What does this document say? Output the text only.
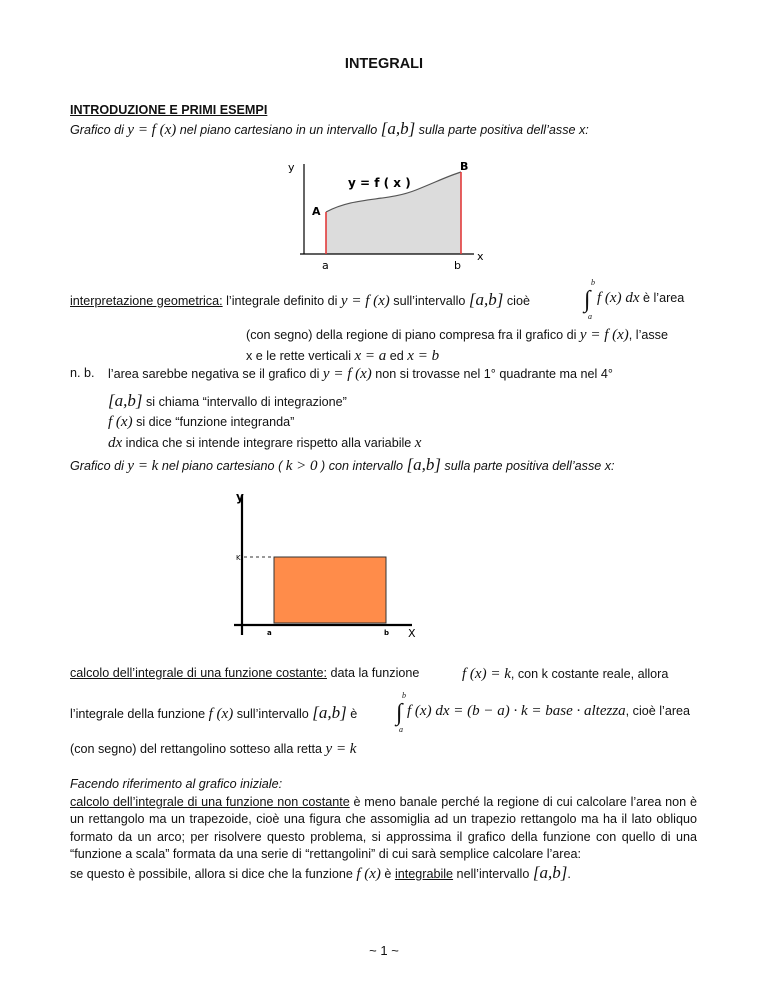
INTEGRALI
INTRODUZIONE E PRIMI ESEMPI
Grafico di y = f (x) nel piano cartesiano in un intervallo [a,b] sulla parte positiva dell’asse x:
y
x
y = f ( x )
A
B
a	b
interpretazione geometrica: l’integrale definito di y = f (x) sull’intervallo [a,b] cioè
b
∫
a
f (x) dx è l’area
(con segno) della regione di piano compresa fra il grafico di y = f (x), l’asse
x e le rette verticali x = a ed x = b
n. b. l’area sarebbe negativa se il grafico di y = f (x) non si trovasse nel 1° quadrante ma nel 4°
[a,b] si chiama “intervallo di integrazione”
f (x) si dice “funzione integranda”
dx indica che si intende integrare rispetto alla variabile x
Grafico di y = k nel piano cartesiano ( k > 0 ) con intervallo [a,b] sulla parte positiva dell’asse x:
y
X
K
a	b
calcolo dell’integrale di una funzione costante: data la funzione	f (x) = k, con k costante reale, allora
l’integrale della funzione f (x) sull’intervallo [a,b] è
b
∫
a
f (x) dx = (b − a) · k = base · altezza, cioè l’area
(con segno) del rettangolino sotteso alla retta y = k
Facendo riferimento al grafico iniziale:
calcolo dell’integrale di una funzione non costante è meno banale perché la regione di cui calcolare l’area non è un rettangolo ma un trapezoide, cioè una figura che assomiglia ad un trapezio rettangolo ma ha il lato obliquo formato da un arco; per risolvere questo problema, si approssima il grafico della funzione con quello di una “funzione a scala” formata da una serie di “rettangolini” di cui sarà semplice calcolare l’area:
se questo è possibile, allora si dice che la funzione f (x) è integrabile nell’intervallo [a,b].
~ 1 ~
